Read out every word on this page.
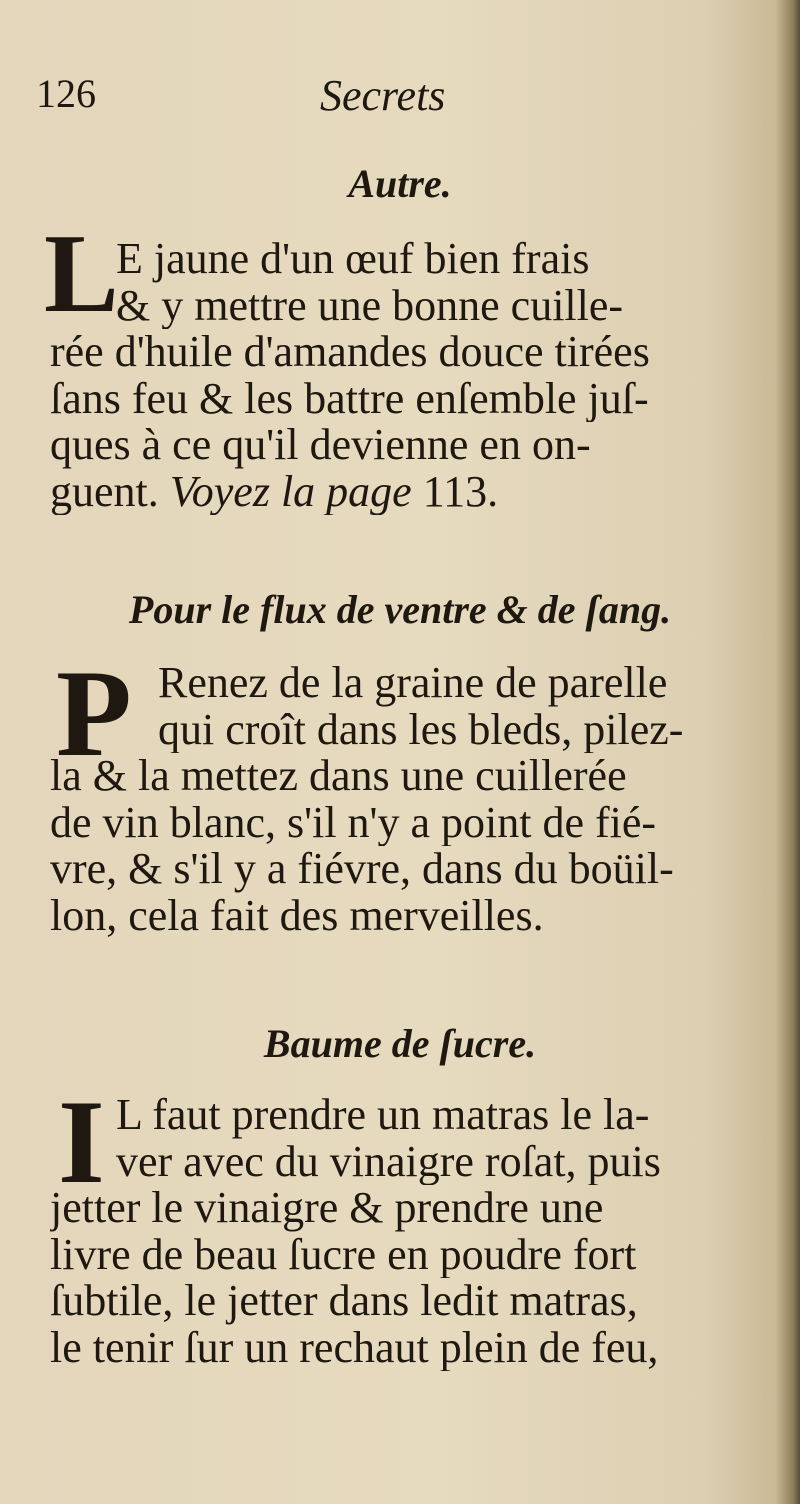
126	Secrets
Autre.
L
E jaune d'un œuf bien frais
& y mettre une bonne cuille-
rée d'huile d'amandes douce tirées
ſans feu & les battre enſemble juſ-
ques à ce qu'il devienne en on-
guent. Voyez la page 113.
Pour le flux de ventre & de ſang.
P Renez de la graine de parelle
qui croît dans les bleds, pilez-
la & la mettez dans une cuillerée
de vin blanc, s'il n'y a point de fié-
vre, & s'il y a fiévre, dans du boüil-
lon, cela fait des merveilles.
Baume de ſucre.
I L faut prendre un matras le la-
ver avec du vinaigre roſat, puis
jetter le vinaigre & prendre une
livre de beau ſucre en poudre fort
ſubtile, le jetter dans ledit matras,
le tenir ſur un rechaut plein de feu,
